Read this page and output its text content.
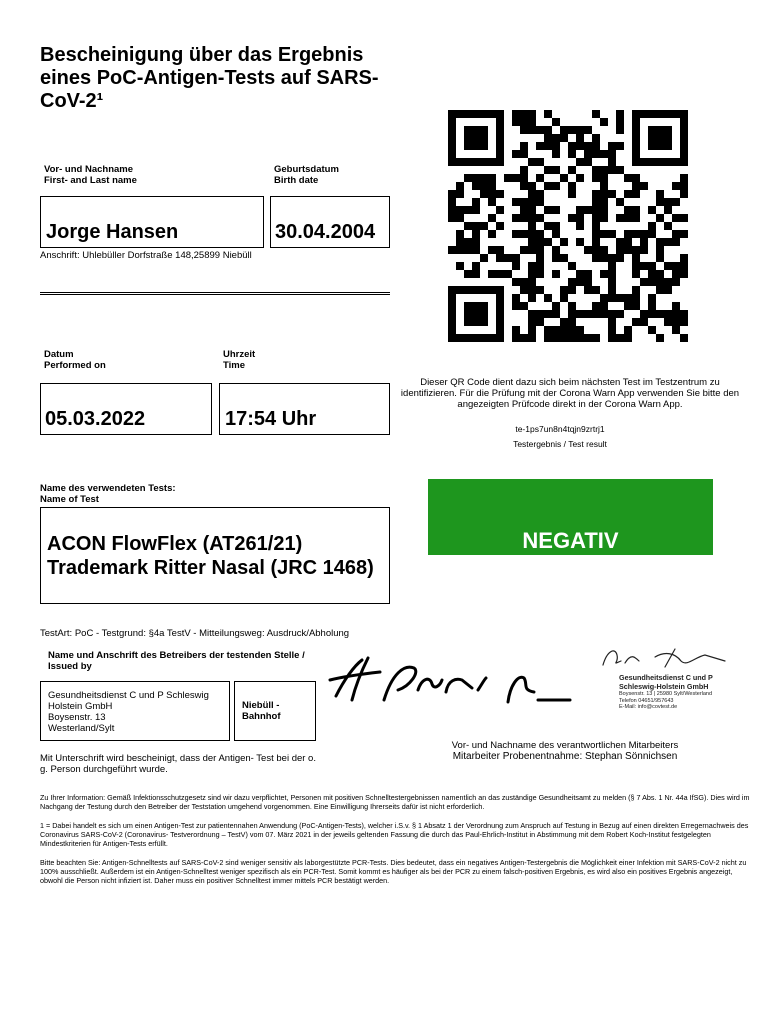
Bescheinigung über das Ergebnis eines PoC-Antigen-Tests auf SARS-CoV-2¹
Vor- und Nachname
First- and Last name
Geburtsdatum
Birth date
Jorge Hansen	30.04.2004
Anschrift: Uhlebüller Dorfstraße 148,25899 Niebüll
Datum
Performed on
Uhrzeit
Time
05.03.2022	17:54 Uhr
Name des verwendeten Tests:
Name of Test
ACON FlowFlex (AT261/21) Trademark Ritter Nasal (JRC 1468)
Dieser QR Code dient dazu sich beim nächsten Test im Testzentrum zu identifizieren. Für die Prüfung mit der Corona Warn App verwenden Sie bitte den angezeigten Prüfcode direkt in der Corona Warn App.
te-1ps7un8n4tqjn9zrtrj1
Testergebnis / Test result
NEGATIV
TestArt: PoC - Testgrund: §4a TestV - Mitteilungsweg: Ausdruck/Abholung
Name und Anschrift des Betreibers der testenden Stelle /
Issued by
Gesundheitsdienst C und P Schleswig
Holstein GmbH
Boysenstr. 13
Westerland/Sylt
Niebüll - Bahnhof
Gesundheitsdienst C und P
Schleswig-Holstein GmbH
Boysenstr. 13 | 25980 Sylt/Westerland
Telefon 04651/957643
E-Mail: info@covtest.de
Mit Unterschrift wird bescheinigt, dass der Antigen- Test bei der o. g. Person durchgeführt wurde.
Vor- und Nachname des verantwortlichen Mitarbeiters
Mitarbeiter Probenentnahme: Stephan Sönnichsen
Zu Ihrer Information: Gemäß Infektionsschutzgesetz sind wir dazu verpflichtet, Personen mit positiven Schnelltestergebnissen namentlich an das zuständige Gesundheitsamt zu melden (§ 7 Abs. 1 Nr. 44a IfSG). Dies wird im Nachgang der Testung durch den Betreiber der Teststation umgehend vorgenommen. Eine Einwilligung Ihrerseits dafür ist nicht erforderlich.
1 = Dabei handelt es sich um einen Antigen-Test zur patientennahen Anwendung (PoC-Antigen-Tests), welcher i.S.v. § 1 Absatz 1 der Verordnung zum Anspruch auf Testung in Bezug auf einen direkten Erregernachweis des Coronavirus SARS-CoV-2 (Coronavirus- Testverordnung – TestV) vom 07. März 2021 in der jeweils geltenden Fassung die durch das Paul-Ehrlich-Institut in Abstimmung mit dem Robert Koch-Institut festgelegten Mindestkriterien für Antigen-Tests erfüllt.
Bitte beachten Sie: Antigen-Schnelltests auf SARS-CoV-2 sind weniger sensitiv als laborgestützte PCR-Tests. Dies bedeutet, dass ein negatives Antigen-Testergebnis die Möglichkeit einer Infektion mit SARS-CoV-2 nicht zu 100% ausschließt. Außerdem ist ein Antigen-Schnelltest weniger spezifisch als ein PCR-Test. Somit kommt es häufiger als bei der PCR zu einem falsch-positiven Ergebnis, es wird also ein positives Ergebnis angezeigt, obwohl die Person nicht infiziert ist. Daher muss ein positiver Schnelltest immer mittels PCR bestätigt werden.
